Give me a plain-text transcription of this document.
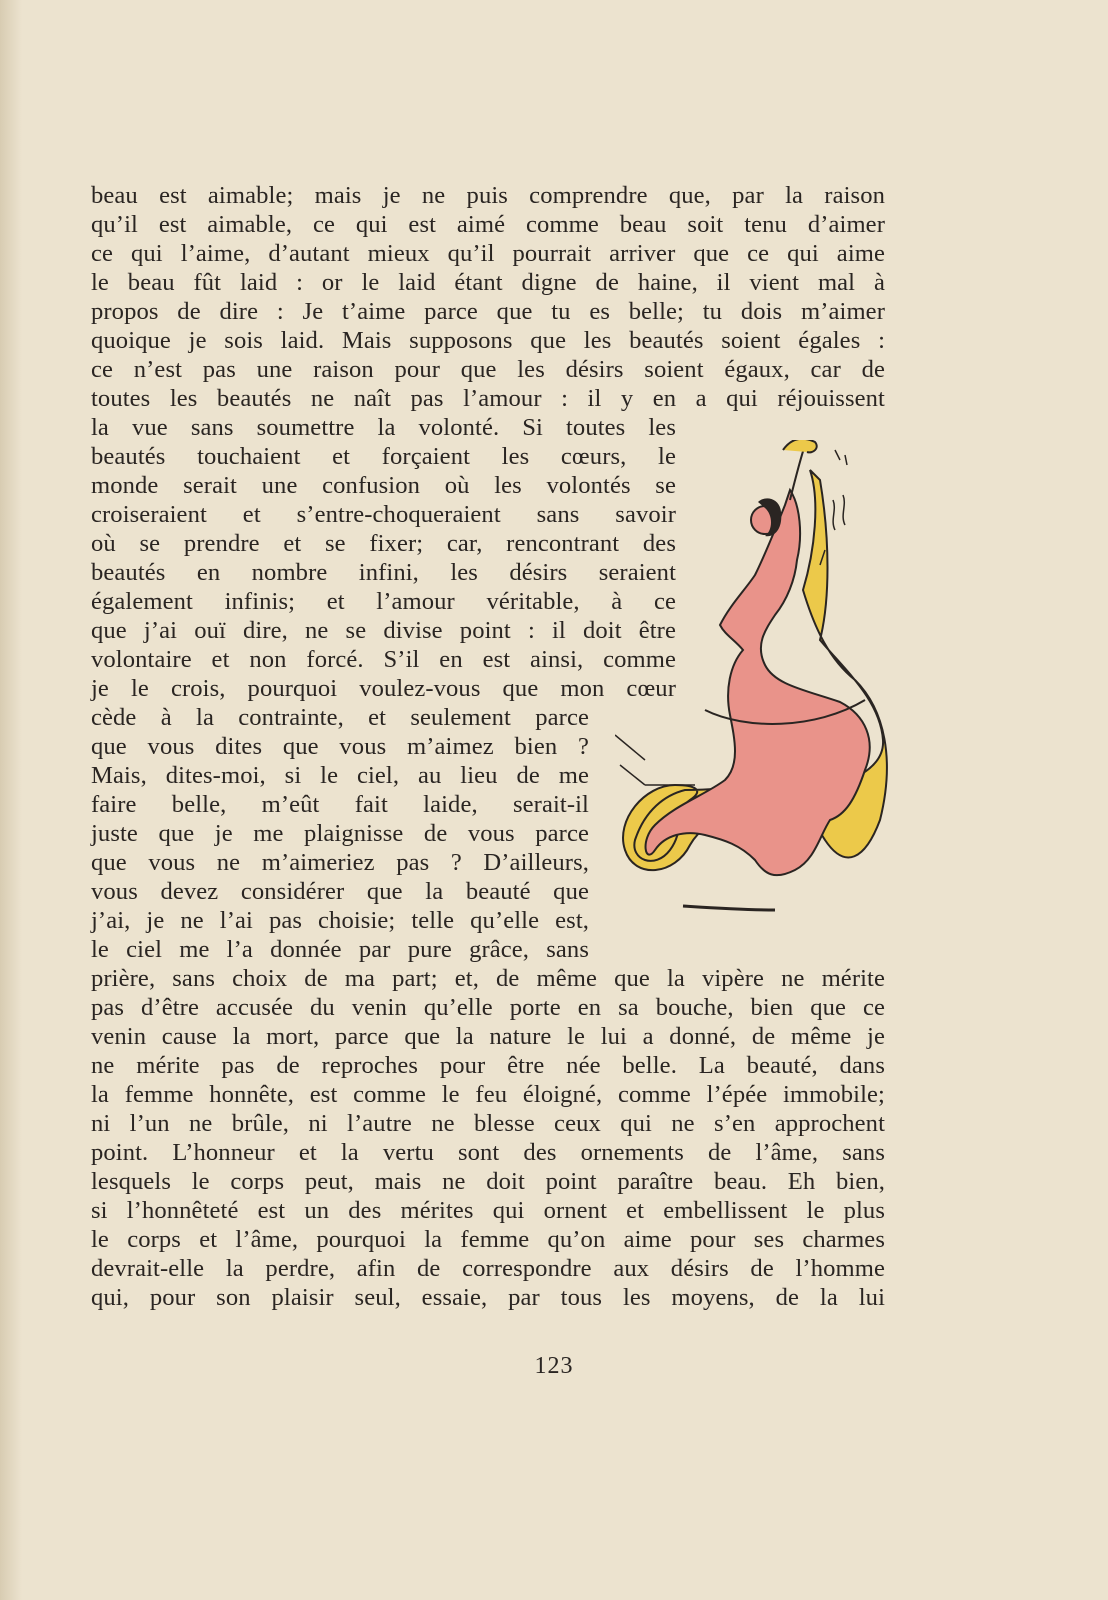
beau est aimable; mais je ne puis comprendre que, par la raison
qu’il est aimable, ce qui est aimé comme beau soit tenu d’aimer
ce qui l’aime, d’autant mieux qu’il pourrait arriver que ce qui aime
le beau fût laid : or le laid étant digne de haine, il vient mal à
propos de dire : Je t’aime parce que tu es belle; tu dois m’aimer
quoique je sois laid. Mais supposons que les beautés soient égales :
ce n’est pas une raison pour que les désirs soient égaux, car de
toutes les beautés ne naît pas l’amour : il y en a qui réjouissent
la vue sans soumettre la volonté. Si toutes les
beautés touchaient et forçaient les cœurs, le
monde serait une confusion où les volontés se
croiseraient et s’entre-choqueraient sans savoir
où se prendre et se fixer; car, rencontrant des
beautés en nombre infini, les désirs seraient
également infinis; et l’amour véritable, à ce
que j’ai ouï dire, ne se divise point : il doit être
volontaire et non forcé. S’il en est ainsi, comme
je le crois, pourquoi voulez-vous que mon cœur
cède à la contrainte, et seulement parce
que vous dites que vous m’aimez bien ?
Mais, dites-moi, si le ciel, au lieu de me
faire belle, m’eût fait laide, serait-il
juste que je me plaignisse de vous parce
que vous ne m’aimeriez pas ? D’ailleurs,
vous devez considérer que la beauté que
j’ai, je ne l’ai pas choisie; telle qu’elle est,
le ciel me l’a donnée par pure grâce, sans
prière, sans choix de ma part; et, de même que la vipère ne mérite
pas d’être accusée du venin qu’elle porte en sa bouche, bien que ce
venin cause la mort, parce que la nature le lui a donné, de même je
ne mérite pas de reproches pour être née belle. La beauté, dans
la femme honnête, est comme le feu éloigné, comme l’épée immobile;
ni l’un ne brûle, ni l’autre ne blesse ceux qui ne s’en approchent
point. L’honneur et la vertu sont des ornements de l’âme, sans
lesquels le corps peut, mais ne doit point paraître beau. Eh bien,
si l’honnêteté est un des mérites qui ornent et embellissent le plus
le corps et l’âme, pourquoi la femme qu’on aime pour ses charmes
devrait-elle la perdre, afin de correspondre aux désirs de l’homme
qui, pour son plaisir seul, essaie, par tous les moyens, de la lui
123
